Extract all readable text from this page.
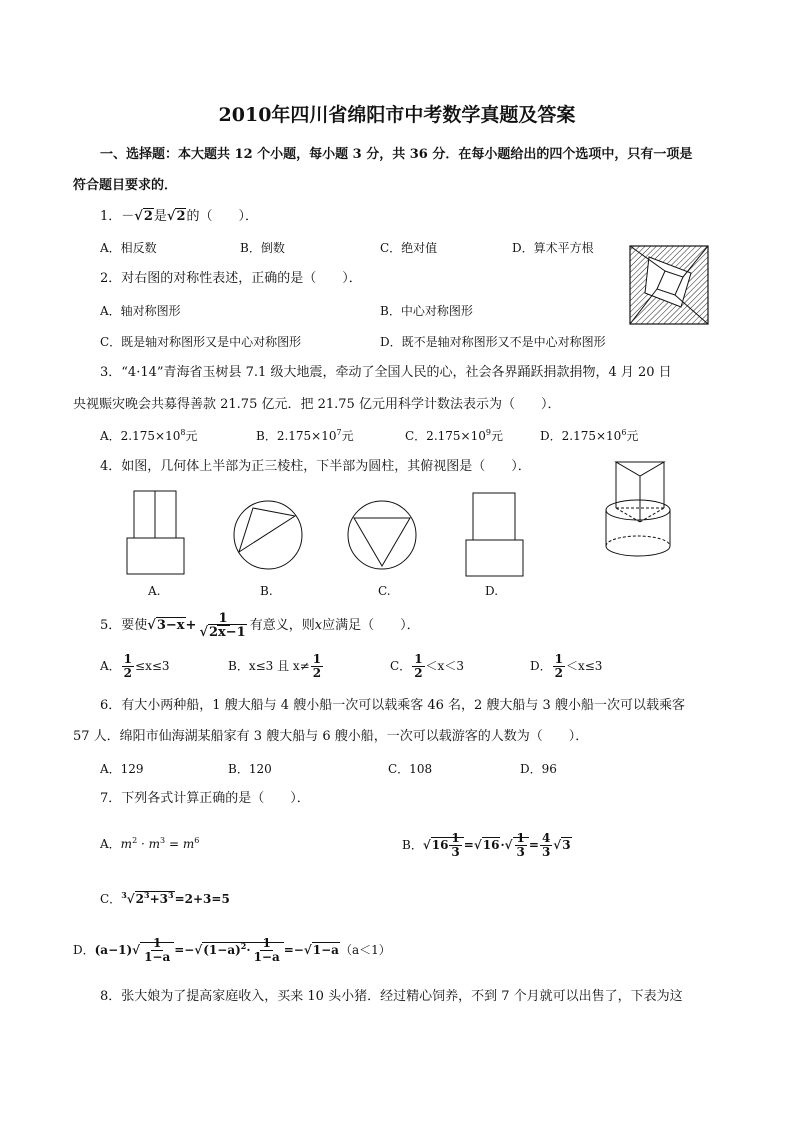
2010年四川省绵阳市中考数学真题及答案
一、选择题：本大题共 12 个小题，每小题 3 分，共 36 分．在每小题给出的四个选项中，只有一项是
符合题目要求的．
1．－√2是√2的（　　）．
A．相反数	B．倒数	C．绝对值	D．算术平方根
2．对右图的对称性表述，正确的是（　　）．
A．轴对称图形	B．中心对称图形
C．既是轴对称图形又是中心对称图形	D．既不是轴对称图形又不是中心对称图形
3．“4·14”青海省玉树县 7.1 级大地震，牵动了全国人民的心，社会各界踊跃捐款捐物，4 月 20 日
央视赈灾晚会共募得善款 21.75 亿元．把 21.75 亿元用科学计数法表示为（　　）．
A．$2.175\times 10^8$元	B．$2.175\times 10^7$元	C．$2.175\times 10^9$元	D．$2.175\times 10^6$元
4．如图，几何体上半部为正三棱柱，下半部为圆柱，其俯视图是（　　）．
A.	B.	C.	D.
5．要使$√3-x+ \frac{1}{√2x-1}$ 有意义，则x应满足（　　）．
A． $\frac{1}{2} \le x\le 3$	B．x≤3 且 $x\ne \frac{1}{2}$	C． $\frac{1}{2} <x<3$	D． $\frac{1}{2} <x\le 3$
6．有大小两种船，1 艘大船与 4 艘小船一次可以载乘客 46 名，2 艘大船与 3 艘小船一次可以载乘客
57 人．绵阳市仙海湖某船家有 3 艘大船与 6 艘小船，一次可以载游客的人数为（　　）．
A．129	B．120	C．108	D．96
7．下列各式计算正确的是（　　）．
A．$m^2 \cdot m^3 = m^6$	B．$√16 \frac{1}{3} =√16\cdot√ \frac{1}{3} = \frac{4}{3} √3$
C．$^3√2^3+3^3=2+3=5$
D．$(a-1)√ \frac{1}{1-a} =-√(1-a)^2\cdot \frac{1}{1-a} =-√1-a(a<1)$
8．张大娘为了提高家庭收入，买来 10 头小猪．经过精心饲养，不到 7 个月就可以出售了，下表为这
